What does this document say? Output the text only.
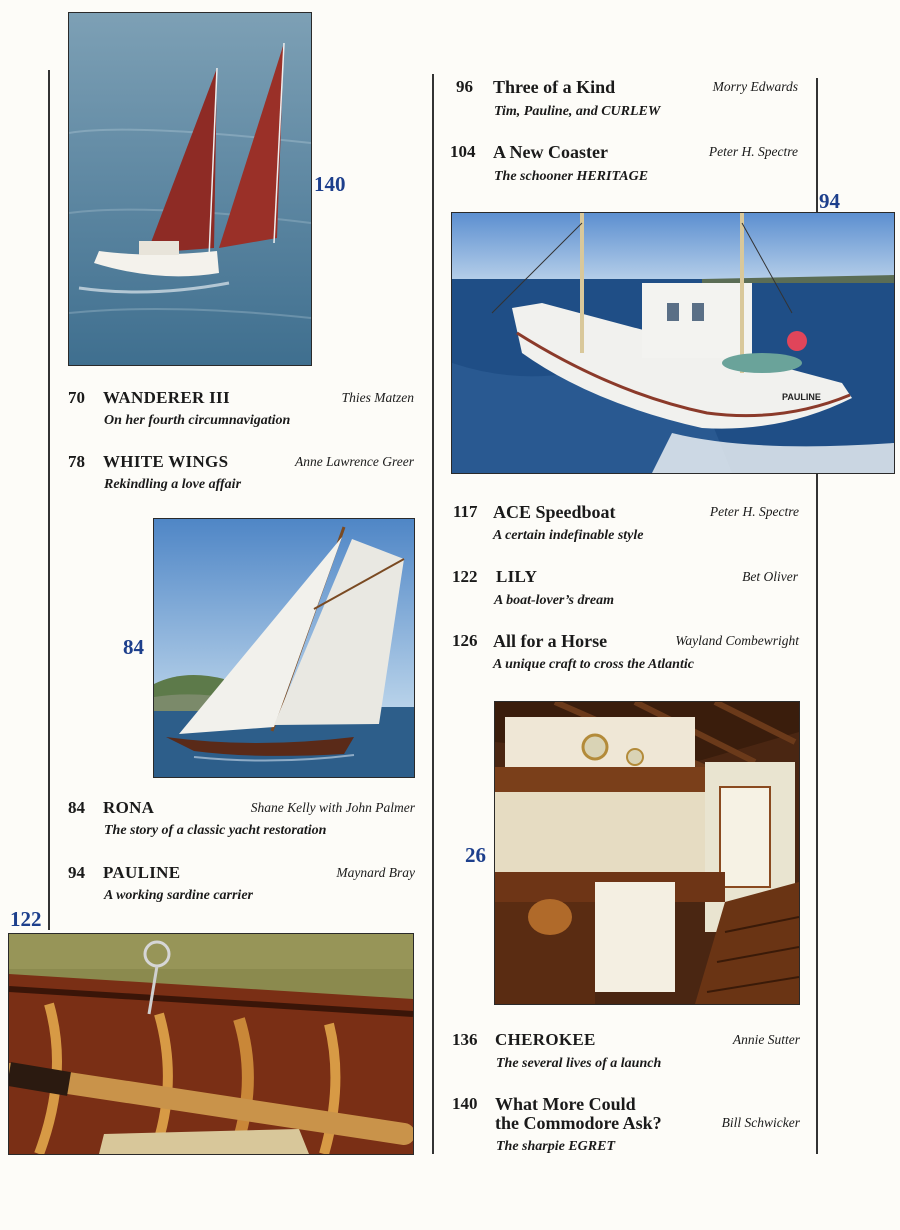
140
70 WANDERER III	Thies Matzen
On her fourth circumnavigation
78 WHITE WINGS	Anne Lawrence Greer
Rekindling a love affair
84
84 RONA	Shane Kelly with John Palmer
The story of a classic yacht restoration
94 PAULINE	Maynard Bray
A working sardine carrier
122
96 Three of a Kind	Morry Edwards
Tim, Pauline, and CURLEW
104 A New Coaster	Peter H. Spectre
The schooner HERITAGE
94
PAULINE
117 ACE Speedboat	Peter H. Spectre
A certain indefinable style
122 LILY	Bet Oliver
A boat-lover’s dream
126 All for a Horse	Wayland Combewright
A unique craft to cross the Atlantic
26
136 CHEROKEE	Annie Sutter
The several lives of a launch
140 What More Could
the Commodore Ask?	Bill Schwicker
The sharpie EGRET
